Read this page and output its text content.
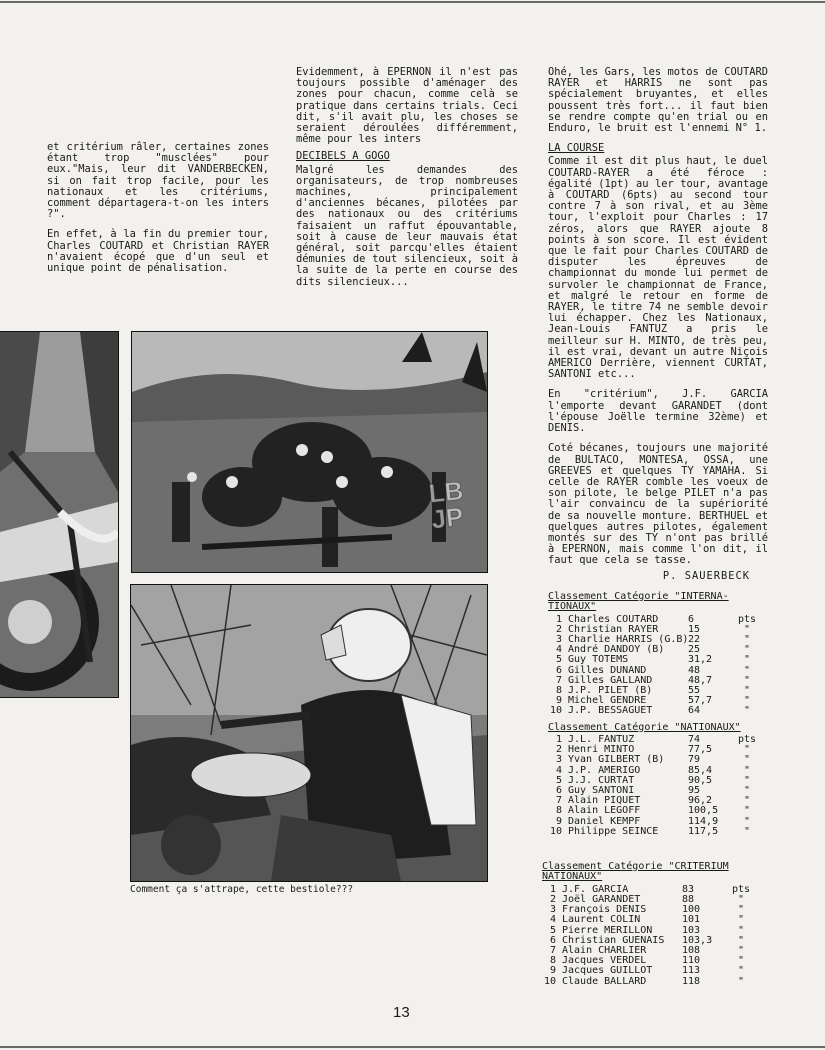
et critérium râler, certaines zones étant trop "musclées" pour eux."Mais, leur dit VANDERBECKEN, si on fait trop facile, pour les nationaux et les critériums, comment départagera-t-on les inters ?".

En effet, à la fin du premier tour, Charles COUTARD et Christian RAYER n'avaient écopé que d'un seul et unique point de pénalisation.

Evidemment, à EPERNON il n'est pas toujours possible d'aménager des zones pour chacun, comme celà se pratique dans certains trials. Ceci dit, s'il avait plu, les choses se seraient déroulées différemment, même pour les inters

DECIBELS A GOGO

Malgré les demandes des organisateurs, de trop nombreuses machines, principalement d'anciennes bécanes, pilotées par des nationaux ou des critériums faisaient un raffut épouvantable, soit à cause de leur mauvais état général, soit parcqu'elles étaient démunies de tout silencieux, soit à la suite de la perte en course des dits silencieux...

Ohé, les Gars, les motos de COUTARD RAYER et HARRIS ne sont pas spécialement bruyantes, et elles poussent très fort... il faut bien se rendre compte qu'en trial ou en Enduro, le bruit est l'ennemi N° 1.

LA COURSE

Comme il est dit plus haut, le duel COUTARD-RAYER a été féroce : égalité (1pt) au ler tour, avantage à COUTARD (6pts) au second tour contre 7 à son rival, et au 3ème tour, l'exploit pour Charles : 17 zéros, alors que RAYER ajoute 8 points à son score. Il est évident que le fait pour Charles COUTARD de disputer les épreuves de championnat du monde lui permet de survoler le championnat de France, et malgré le retour en forme de RAYER, le titre 74 ne semble devoir lui échapper. Chez les Nationaux, Jean-Louis FANTUZ a pris le meilleur sur H. MINTO, de très peu, il est vrai, devant un autre Niçois AMERICO Derrière, viennent CURTAT, SANTONI etc...

En "critérium", J.F. GARCIA l'emporte devant GARANDET (dont l'épouse Joëlle termine 32ème) et DENIS.

Coté bécanes, toujours une majorité de BULTACO, MONTESA, OSSA, une GREEVES et quelques TY YAMAHA. Si celle de RAYER comble les voeux de son pilote, le belge PILET n'a pas l'air convaincu de la supériorité de sa nouvelle monture. BERTHUEL et quelques autres pilotes, également montés sur des TY n'ont pas brillé à EPERNON, mais comme l'on dit, il faut que cela se tasse.

P. SAUERBECK
Classement Catégorie "INTERNA-
TIONAUX"
1 Charles COUTARD	6	pts
2 Christian RAYER	15	"
3 Charlie HARRIS (G.B) 22	"
4 André DANDOY (B)	25	"
5 Guy TOTEMS	31,2	"
6 Gilles DUNAND	48	"
7 Gilles GALLAND	48,7	"
8 J.P. PILET (B)	55	"
9 Michel GENDRE	57,7	"
10 J.P. BESSAGUET	64	"
Classement Catégorie "NATIONAUX"
1 J.L. FANTUZ	74	pts
2 Henri MINTO	77,5	"
3 Yvan GILBERT (B)	79	"
4 J.P. AMERIGO	85,4	"
5 J.J. CURTAT	90,5	"
6 Guy SANTONI	95	"
7 Alain PIQUET	96,2	"
8 Alain LEGOFF	100,5	"
9 Daniel KEMPF	114,9	"
10 Philippe SEINCE	117,5	"
Classement Catégorie "CRITERIUM
NATIONAUX"
1 J.F. GARCIA	83	pts
2 Joël GARANDET	88	"
3 François DENIS	100	"
4 Laurent COLIN	101	"
5 Pierre MERILLON	103	"
6 Christian GUENAIS	103,3	"
7 Alain CHARLIER	108	"
8 Jacques VERDEL	110	"
9 Jacques GUILLOT	113	"
10 Claude BALLARD	118	"
LB JP
Comment ça s'attrape, cette bestiole???
13
